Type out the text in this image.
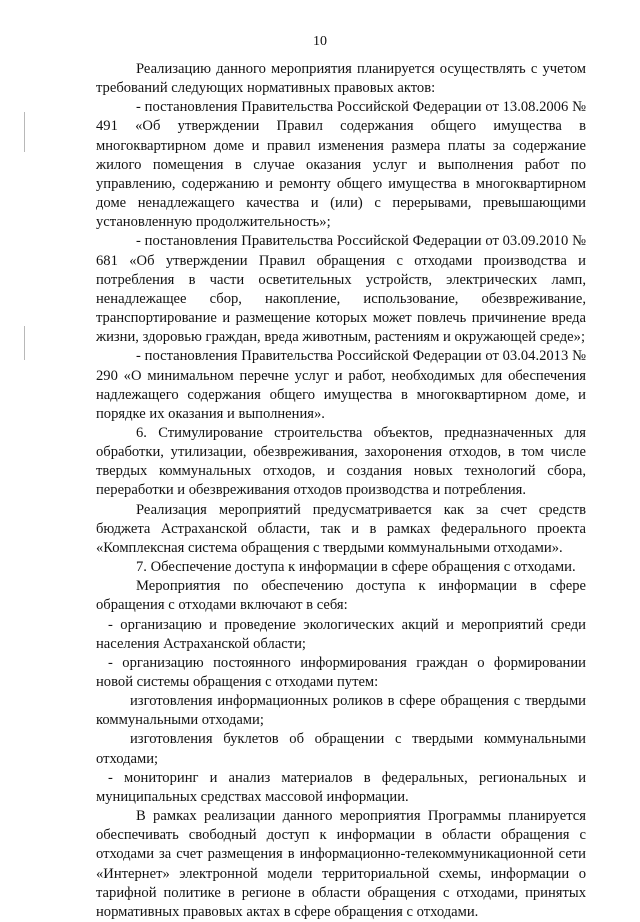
10

Реализацию данного мероприятия планируется осуществлять с учетом требований следующих нормативных правовых актов:

- постановления Правительства Российской Федерации от 13.08.2006 № 491 «Об утверждении Правил содержания общего имущества в многоквартирном доме и правил изменения размера платы за содержание жилого помещения в случае оказания услуг и выполнения работ по управлению, содержанию и ремонту общего имущества в многоквартирном доме ненадлежащего качества и (или) с перерывами, превышающими установленную продолжительность»;

- постановления Правительства Российской Федерации от 03.09.2010 № 681 «Об утверждении Правил обращения с отходами производства и потребления в части осветительных устройств, электрических ламп, ненадлежащее сбор, накопление, использование, обезвреживание, транспортирование и размещение которых может повлечь причинение вреда жизни, здоровью граждан, вреда животным, растениям и окружающей среде»;

- постановления Правительства Российской Федерации от 03.04.2013 № 290 «О минимальном перечне услуг и работ, необходимых для обеспечения надлежащего содержания общего имущества в многоквартирном доме, и порядке их оказания и выполнения».

6. Стимулирование строительства объектов, предназначенных для обработки, утилизации, обезвреживания, захоронения отходов, в том числе твердых коммунальных отходов, и создания новых технологий сбора, переработки и обезвреживания отходов производства и потребления.

Реализация мероприятий предусматривается как за счет средств бюджета Астраханской области, так и в рамках федерального проекта «Комплексная система обращения с твердыми коммунальными отходами».

7. Обеспечение доступа к информации в сфере обращения с отходами.

Мероприятия по обеспечению доступа к информации в сфере обращения с отходами включают в себя:

- организацию и проведение экологических акций и мероприятий среди населения Астраханской области;

- организацию постоянного информирования граждан о формировании новой системы обращения с отходами путем:

изготовления информационных роликов в сфере обращения с твердыми коммунальными отходами;

изготовления буклетов об обращении с твердыми коммунальными отходами;

- мониторинг и анализ материалов в федеральных, региональных и муниципальных средствах массовой информации.

В рамках реализации данного мероприятия Программы планируется обеспечивать свободный доступ к информации в области обращения с отходами за счет размещения в информационно-телекоммуникационной сети «Интернет» электронной модели территориальной схемы, информации о тарифной политике в регионе в области обращения с отходами, принятых нормативных правовых актах в сфере обращения с отходами.
